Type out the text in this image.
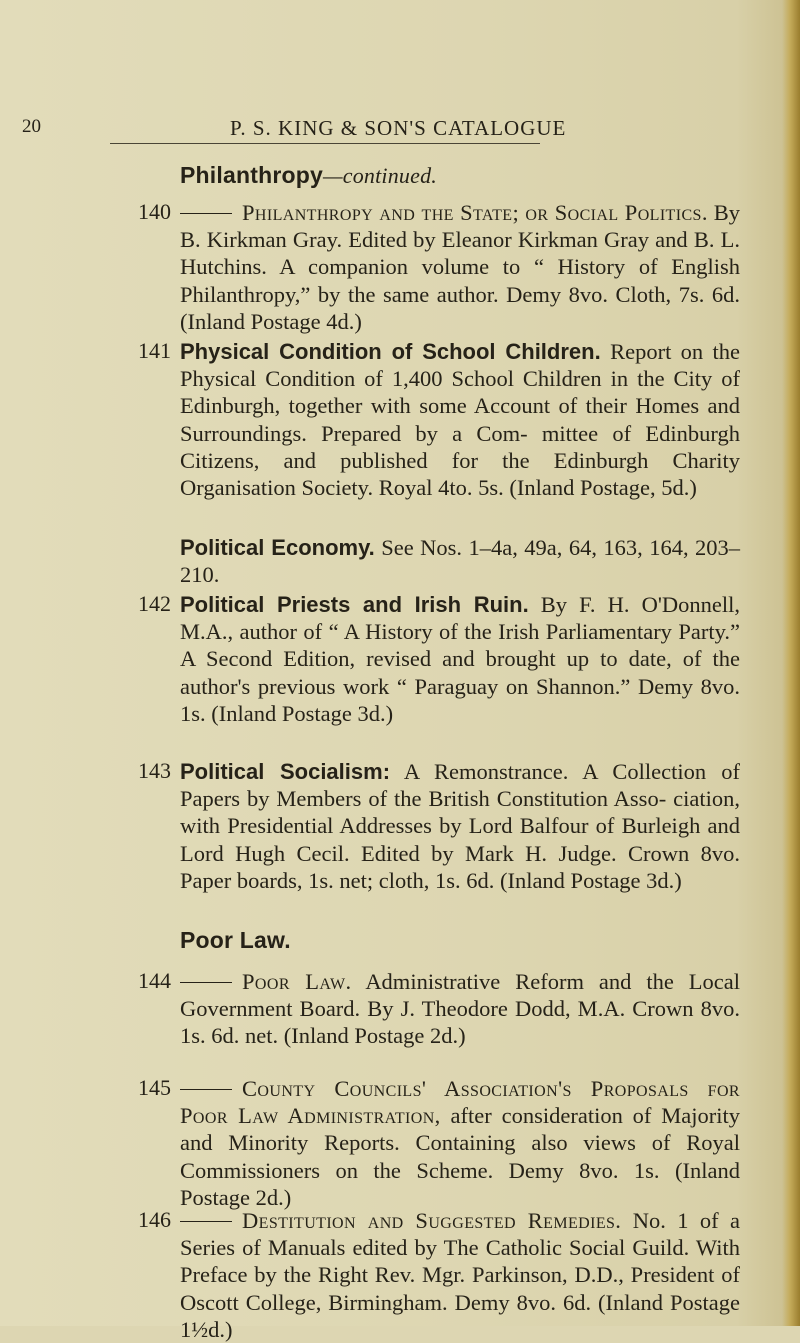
20	P. S. KING & SON'S CATALOGUE
Philanthropy—continued.
140	Philanthropy and the State; or Social Politics. By B. Kirkman Gray. Edited by Eleanor Kirkman Gray and B. L. Hutchins. A companion volume to “ History of English Philanthropy,” by the same author. Demy 8vo. Cloth, 7s. 6d. (Inland Postage 4d.)
141 Physical Condition of School Children. Report on the Physical Condition of 1,400 School Children in the City of Edinburgh, together with some Account of their Homes and Surroundings. Prepared by a Com- mittee of Edinburgh Citizens, and published for the Edinburgh Charity Organisation Society. Royal 4to. 5s. (Inland Postage, 5d.)
Political Economy. See Nos. 1–4a, 49a, 64, 163, 164, 203–210.
142 Political Priests and Irish Ruin. By F. H. O'Donnell, M.A., author of “ A History of the Irish Parliamentary Party.” A Second Edition, revised and brought up to date, of the author's previous work “ Paraguay on Shannon.” Demy 8vo. 1s. (Inland Postage 3d.)
143 Political Socialism: A Remonstrance. A Collection of Papers by Members of the British Constitution Asso- ciation, with Presidential Addresses by Lord Balfour of Burleigh and Lord Hugh Cecil. Edited by Mark H. Judge. Crown 8vo. Paper boards, 1s. net; cloth, 1s. 6d. (Inland Postage 3d.)
Poor Law.
144	Poor Law. Administrative Reform and the Local Government Board. By J. Theodore Dodd, M.A. Crown 8vo. 1s. 6d. net. (Inland Postage 2d.)
145	County Councils' Association's Proposals for Poor Law Administration, after consideration of Majority and Minority Reports. Containing also views of Royal Commissioners on the Scheme. Demy 8vo. 1s. (Inland Postage 2d.)
146	Destitution and Suggested Remedies. No. 1 of a Series of Manuals edited by The Catholic Social Guild. With Preface by the Right Rev. Mgr. Parkinson, D.D., President of Oscott College, Birmingham. Demy 8vo. 6d. (Inland Postage 1½d.)
